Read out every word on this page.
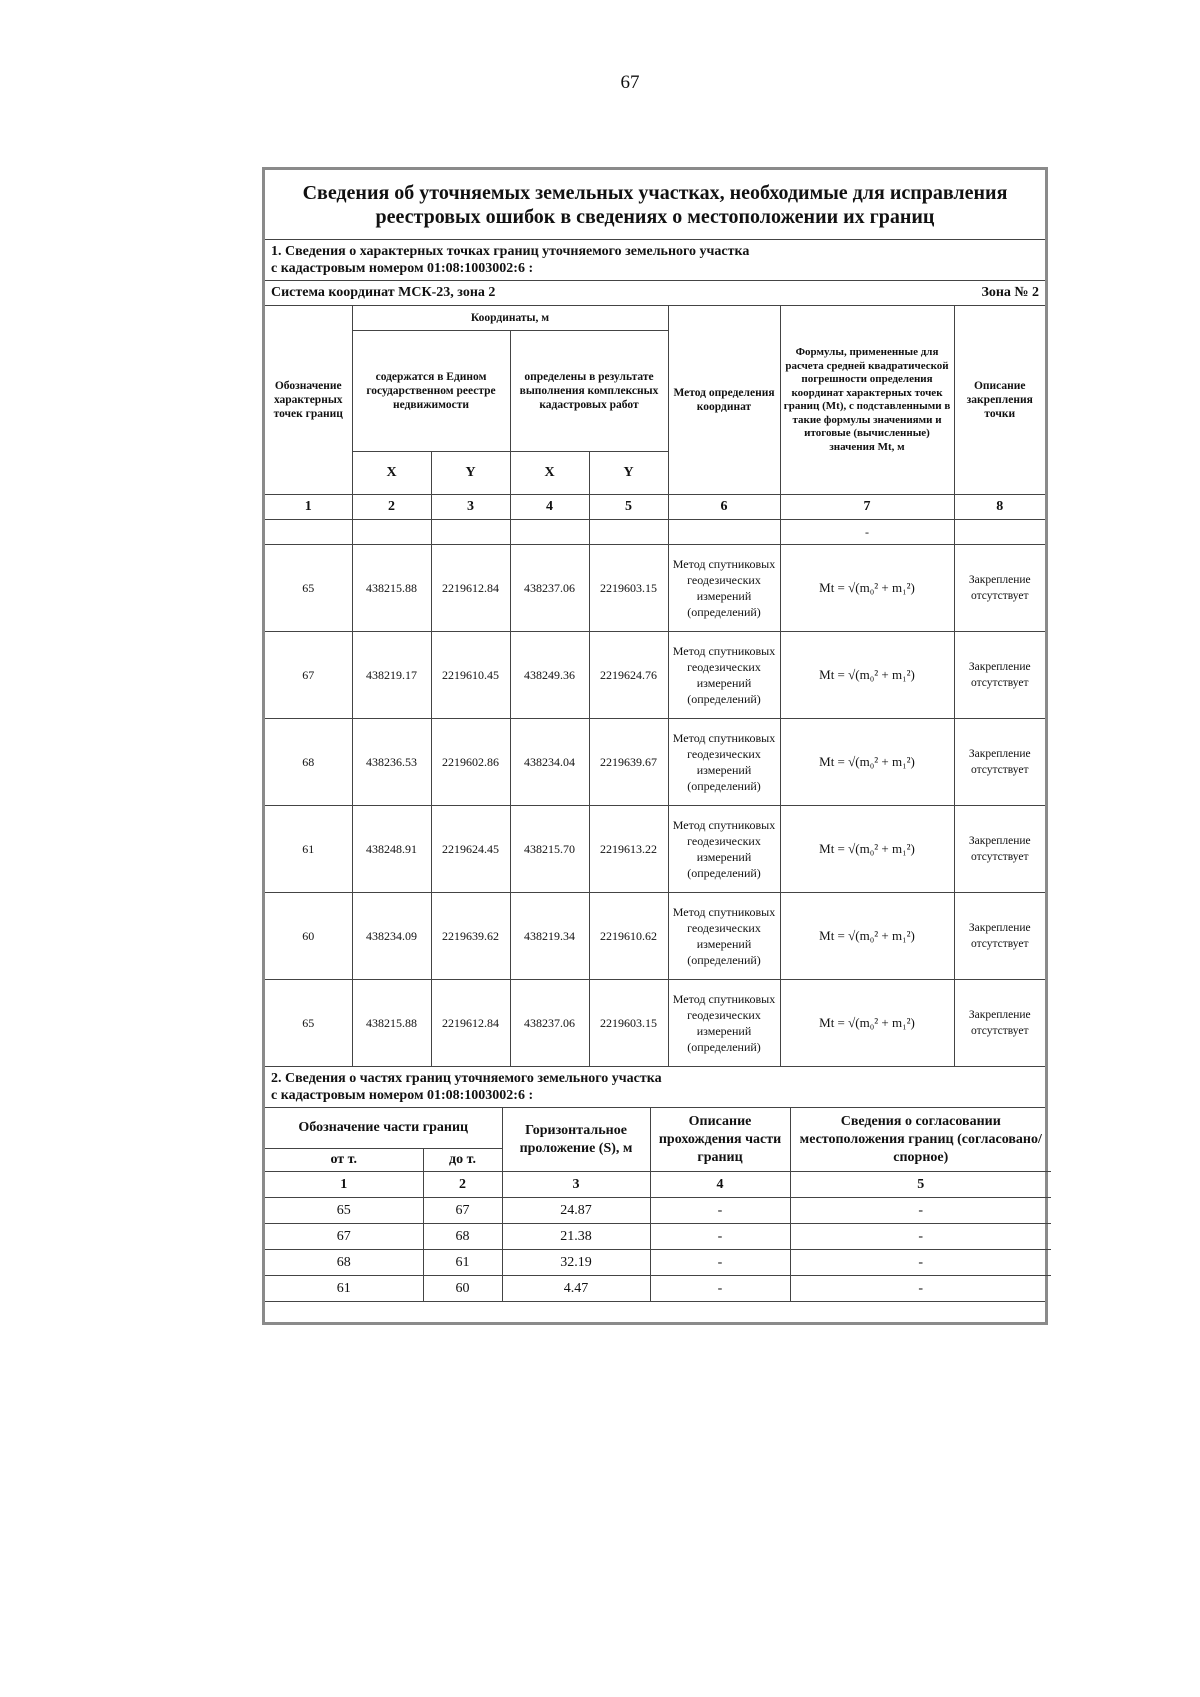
67
Сведения об уточняемых земельных участках, необходимые для исправления реестровых ошибок в сведениях о местоположении их границ
1. Сведения о характерных точках границ уточняемого земельного участка
с кадастровым номером 01:08:1003002:6 :
Система координат МСК-23, зона 2	Зона № 2
Обозначение характерных точек границ	Координаты, м				Метод определения координат	Формулы, примененные для расчета средней квадратической погрешности определения координат характерных точек границ (Mt), с подставленными в такие формулы значениями и итоговые (вычисленные) значения Mt, м	Описание закрепления точки
	содержатся в Едином государственном реестре недвижимости		определены в результате выполнения комплексных кадастровых работ				
	X	Y	X	Y			
1	2	3	4	5	6	7	8
						-	
65	438215.88	2219612.84	438237.06	2219603.15	Метод спутниковых геодезических измерений (определений)	Mt = √(m₀² + m₁²)	Закрепление отсутствует
67	438219.17	2219610.45	438249.36	2219624.76	Метод спутниковых геодезических измерений (определений)	Mt = √(m₀² + m₁²)	Закрепление отсутствует
68	438236.53	2219602.86	438234.04	2219639.67	Метод спутниковых геодезических измерений (определений)	Mt = √(m₀² + m₁²)	Закрепление отсутствует
61	438248.91	2219624.45	438215.70	2219613.22	Метод спутниковых геодезических измерений (определений)	Mt = √(m₀² + m₁²)	Закрепление отсутствует
60	438234.09	2219639.62	438219.34	2219610.62	Метод спутниковых геодезических измерений (определений)	Mt = √(m₀² + m₁²)	Закрепление отсутствует
65	438215.88	2219612.84	438237.06	2219603.15	Метод спутниковых геодезических измерений (определений)	Mt = √(m₀² + m₁²)	Закрепление отсутствует
2. Сведения о частях границ уточняемого земельного участка
с кадастровым номером 01:08:1003002:6 :
Обозначение части границ		Горизонтальное проложение (S), м	Описание прохождения части границ	Сведения о согласовании местоположения границ (согласовано/спорное)
от т.	до т.			
1	2	3	4	5
65	67	24.87	-	-
67	68	21.38	-	-
68	61	32.19	-	-
61	60	4.47	-	-
